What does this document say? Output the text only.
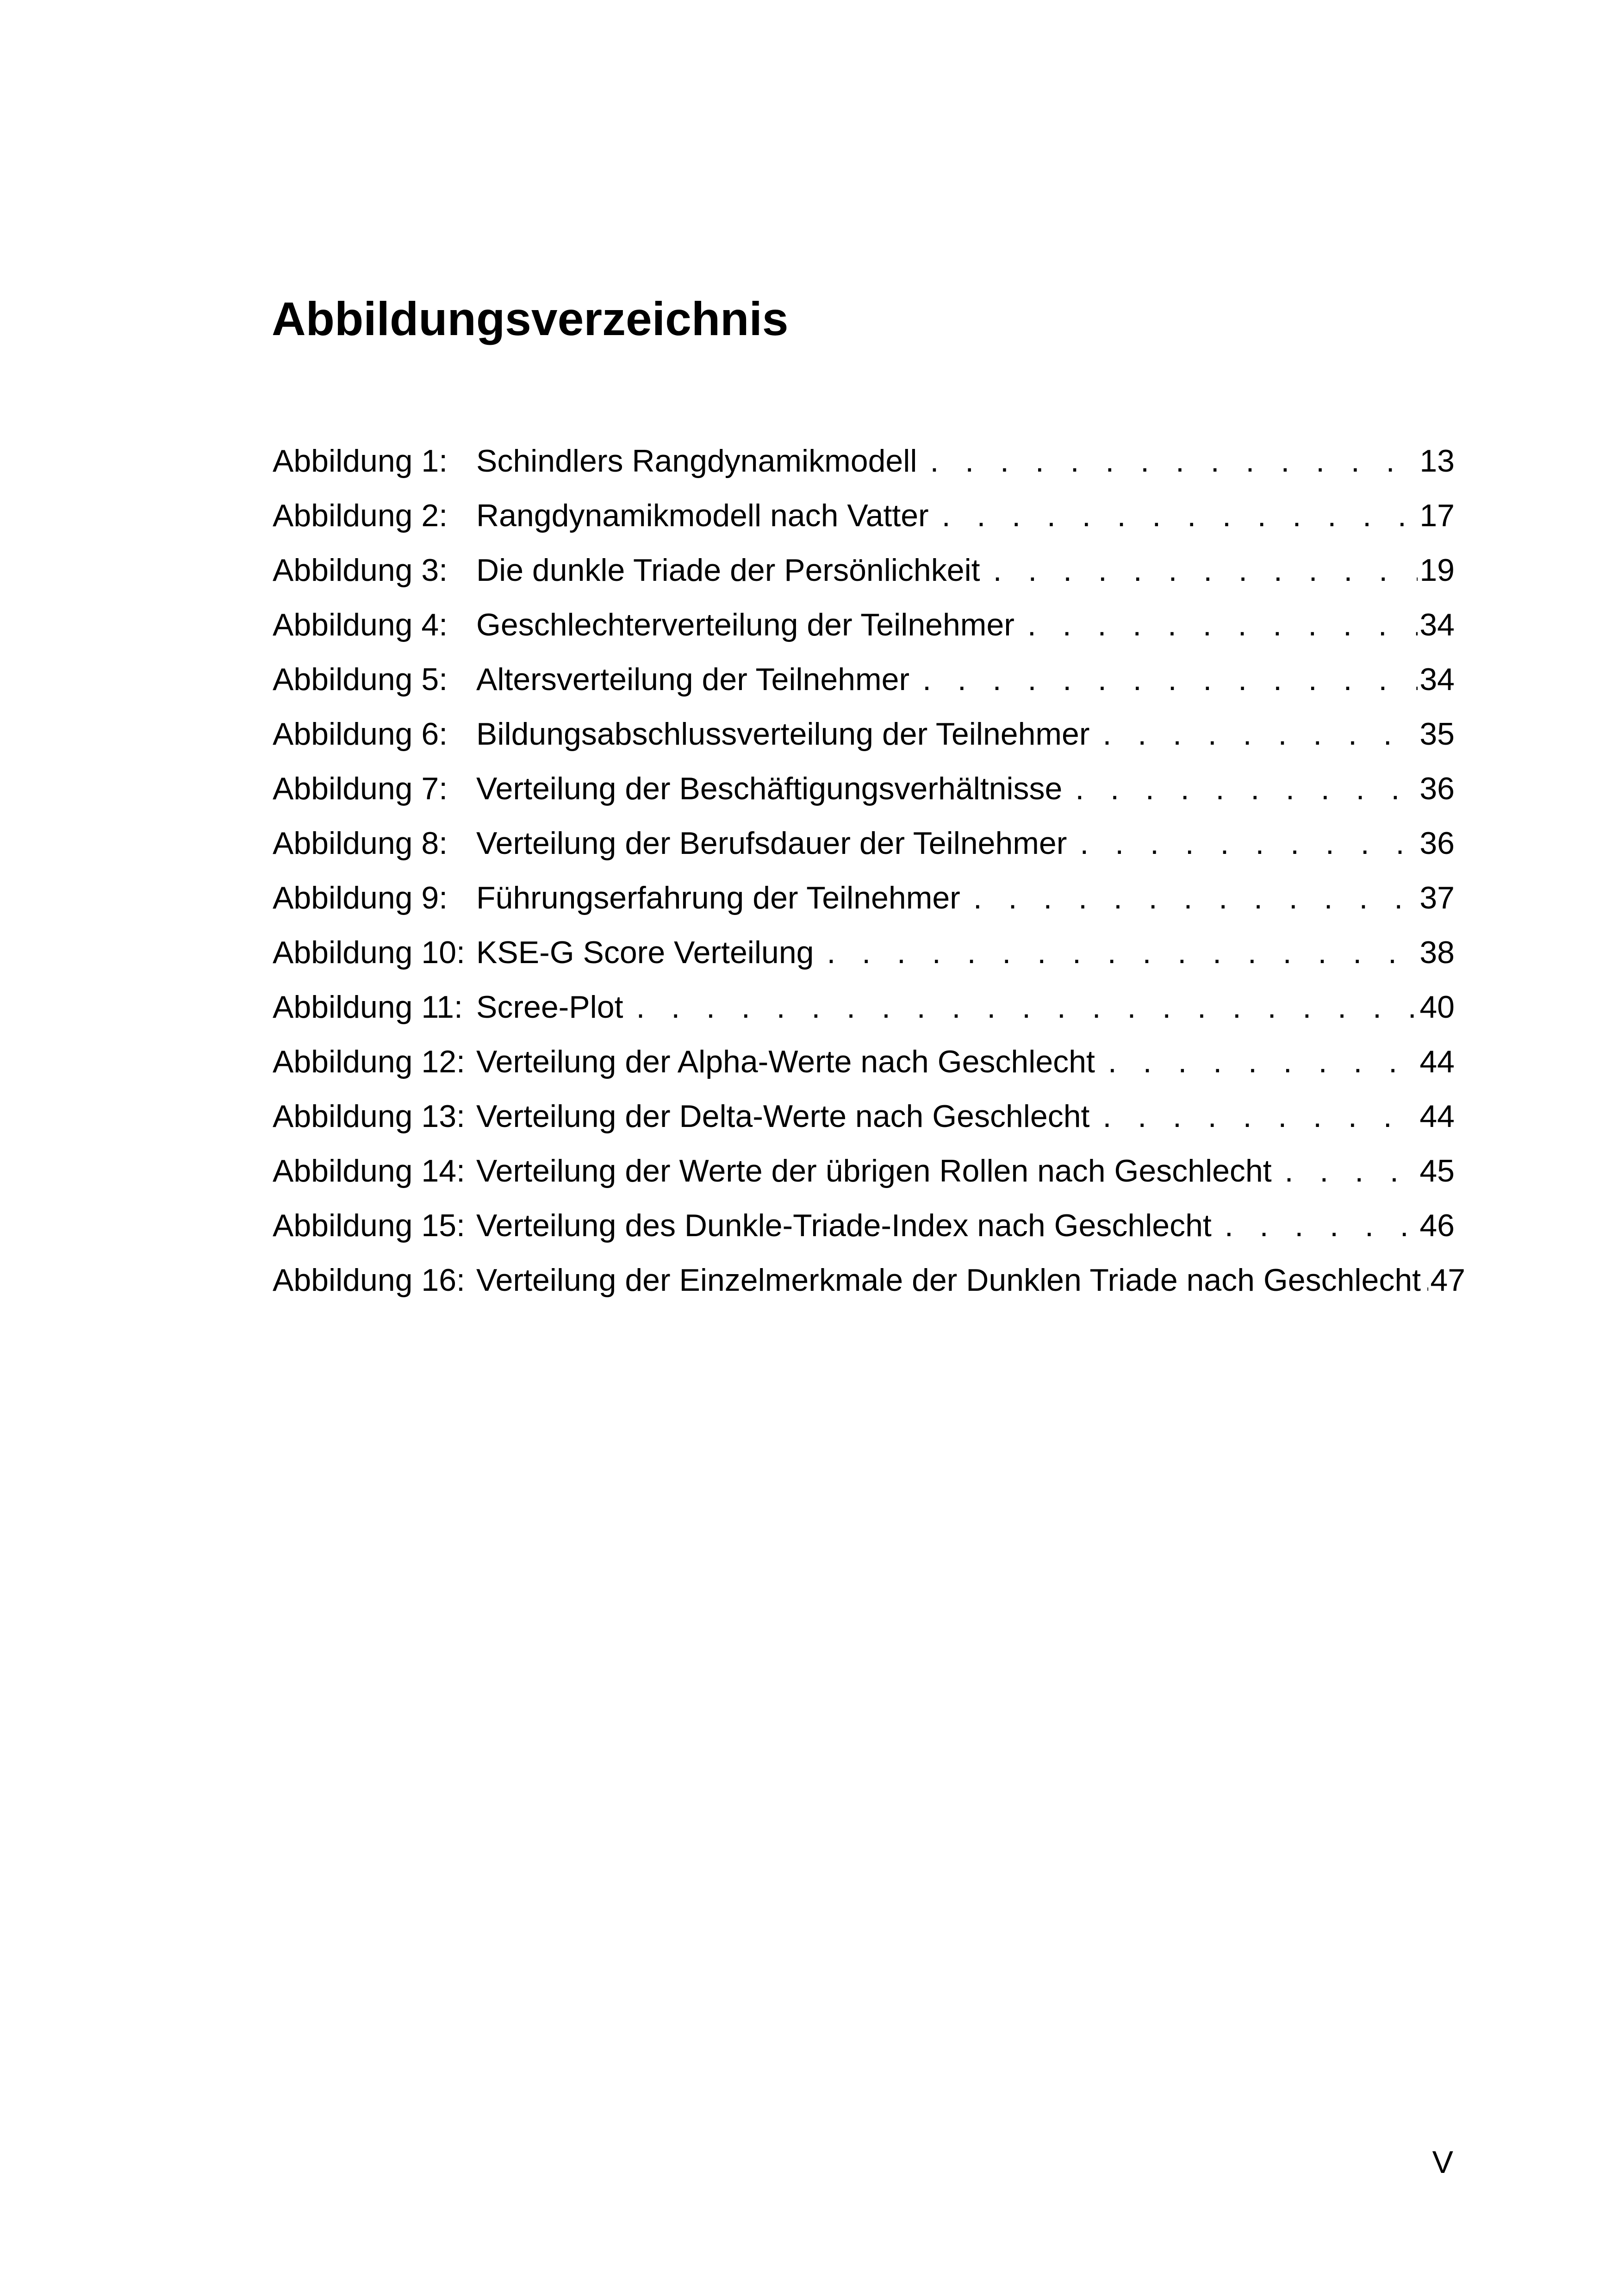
Abbildungsverzeichnis
Abbildung 1: Schindlers Rangdynamikmodell . . .	13
Abbildung 2: Rangdynamikmodell nach Vatter . . .	17
Abbildung 3: Die dunkle Triade der Persönlichkeit . . .	19
Abbildung 4: Geschlechterverteilung der Teilnehmer . . .	34
Abbildung 5: Altersverteilung der Teilnehmer . . .	34
Abbildung 6: Bildungsabschlussverteilung der Teilnehmer . . .	35
Abbildung 7: Verteilung der Beschäftigungsverhältnisse . . .	36
Abbildung 8: Verteilung der Berufsdauer der Teilnehmer . . .	36
Abbildung 9: Führungserfahrung der Teilnehmer . . .	37
Abbildung 10: KSE-G Score Verteilung . . .	38
Abbildung 11: Scree-Plot . . .	40
Abbildung 12: Verteilung der Alpha-Werte nach Geschlecht . . .	44
Abbildung 13: Verteilung der Delta-Werte nach Geschlecht . . .	44
Abbildung 14: Verteilung der Werte der übrigen Rollen nach Geschlecht . . .	45
Abbildung 15: Verteilung des Dunkle-Triade-Index nach Geschlecht . . .	46
Abbildung 16: Verteilung der Einzelmerkmale der Dunklen Triade nach Geschlecht . . . 47
V
